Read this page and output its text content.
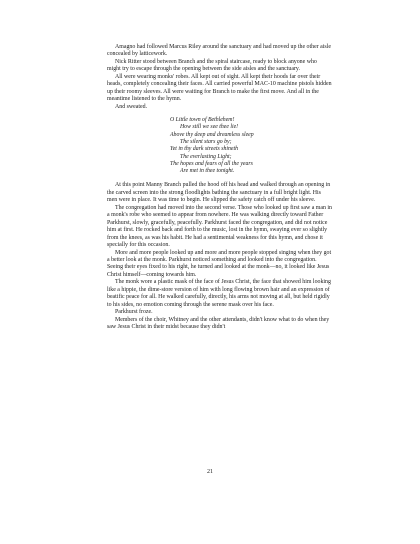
Amagno had followed Marcus Riley around the sanctuary and had moved up the other aisle concealed by latticework.

Nick Ritter stood between Branch and the spiral staircase, ready to block anyone who might try to escape through the opening between the side aisles and the sanctuary.

All were wearing monks' robes. All kept out of sight. All kept their hoods far over their heads, completely concealing their faces. All carried powerful MAC-10 machine pistols hidden up their roomy sleeves. All were waiting for Branch to make the first move. And all in the meantime listened to the hymn.

And sweated.

O Little town of Bethlehem!
How still we see thee lie!
Above thy deep and dreamless sleep
The silent stars go by;
Yet in thy dark streets shineth
The everlasting Light;
The hopes and fears of all the years
Are met in thee tonight.

At this point Manny Branch pulled the hood off his head and walked through an opening in the carved screen into the strong floodlights bathing the sanctuary in a full bright light. His men were in place. It was time to begin. He slipped the safety catch off under his sleeve.

The congregation had moved into the second verse. Those who looked up first saw a man in a monk's robe who seemed to appear from nowhere. He was walking directly toward Father Parkhurst, slowly, gracefully, peacefully. Parkhurst faced the congregation, and did not notice him at first. He rocked back and forth to the music, lost in the hymn, swaying ever so slightly from the knees, as was his habit. He had a sentimental weakness for this hymn, and chose it specially for this occasion.

More and more people looked up and more and more people stopped singing when they got a better look at the monk. Parkhurst noticed something and looked into the congregation. Seeing their eyes fixed to his right, he turned and looked at the monk—no, it looked like Jesus Christ himself—coming towards him.

The monk wore a plastic mask of the face of Jesus Christ, the face that showed him looking like a hippie, the dime-store version of him with long flowing brown hair and an expression of beatific peace for all. He walked carefully, directly, his arms not moving at all, but held rigidly to his sides, no emotion coming through the serene mask over his face.

Parkhurst froze.

Members of the choir, Whitney and the other attendants, didn't know what to do when they saw Jesus Christ in their midst because they didn't

21
